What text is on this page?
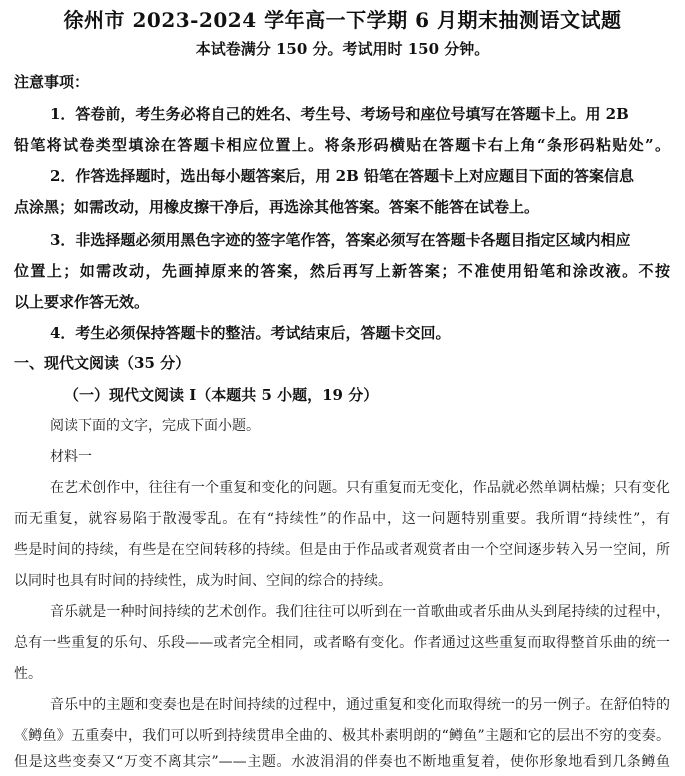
徐州市 2023-2024 学年高一下学期 6 月期末抽测语文试题
本试卷满分 150 分。考试用时 150 分钟。
注意事项：
1．答卷前，考生务必将自己的姓名、考生号、考场号和座位号填写在答题卡上。用 2B
铅笔将试卷类型填涂在答题卡相应位置上。将条形码横贴在答题卡右上角“条形码粘贴处”。
2．作答选择题时，选出每小题答案后，用 2B 铅笔在答题卡上对应题目下面的答案信息
点涂黑；如需改动，用橡皮擦干净后，再选涂其他答案。答案不能答在试卷上。
3．非选择题必须用黑色字迹的签字笔作答，答案必须写在答题卡各题目指定区域内相应
位置上；如需改动，先画掉原来的答案，然后再写上新答案；不准使用铅笔和涂改液。不按
以上要求作答无效。
4．考生必须保持答题卡的整洁。考试结束后，答题卡交回。
一、现代文阅读（35 分）
（一）现代文阅读 I（本题共 5 小题，19 分）
阅读下面的文字，完成下面小题。
材料一
在艺术创作中，往往有一个重复和变化的问题。只有重复而无变化，作品就必然单调枯燥；只有变化
而无重复，就容易陷于散漫零乱。在有“持续性”的作品中，这一问题特别重要。我所谓“持续性”，有
些是时间的持续，有些是在空间转移的持续。但是由于作品或者观赏者由一个空间逐步转入另一空间，所
以同时也具有时间的持续性，成为时间、空间的综合的持续。
音乐就是一种时间持续的艺术创作。我们往往可以听到在一首歌曲或者乐曲从头到尾持续的过程中，
总有一些重复的乐句、乐段——或者完全相同，或者略有变化。作者通过这些重复而取得整首乐曲的统一
性。
音乐中的主题和变奏也是在时间持续的过程中，通过重复和变化而取得统一的另一例子。在舒伯特的
《鳟鱼》五重奏中，我们可以听到持续贯串全曲的、极其朴素明朗的“鳟鱼”主题和它的层出不穷的变奏。
但是这些变奏又“万变不离其宗”——主题。水波涓涓的伴奏也不断地重复着，使你形象地看到几条鳟鱼
